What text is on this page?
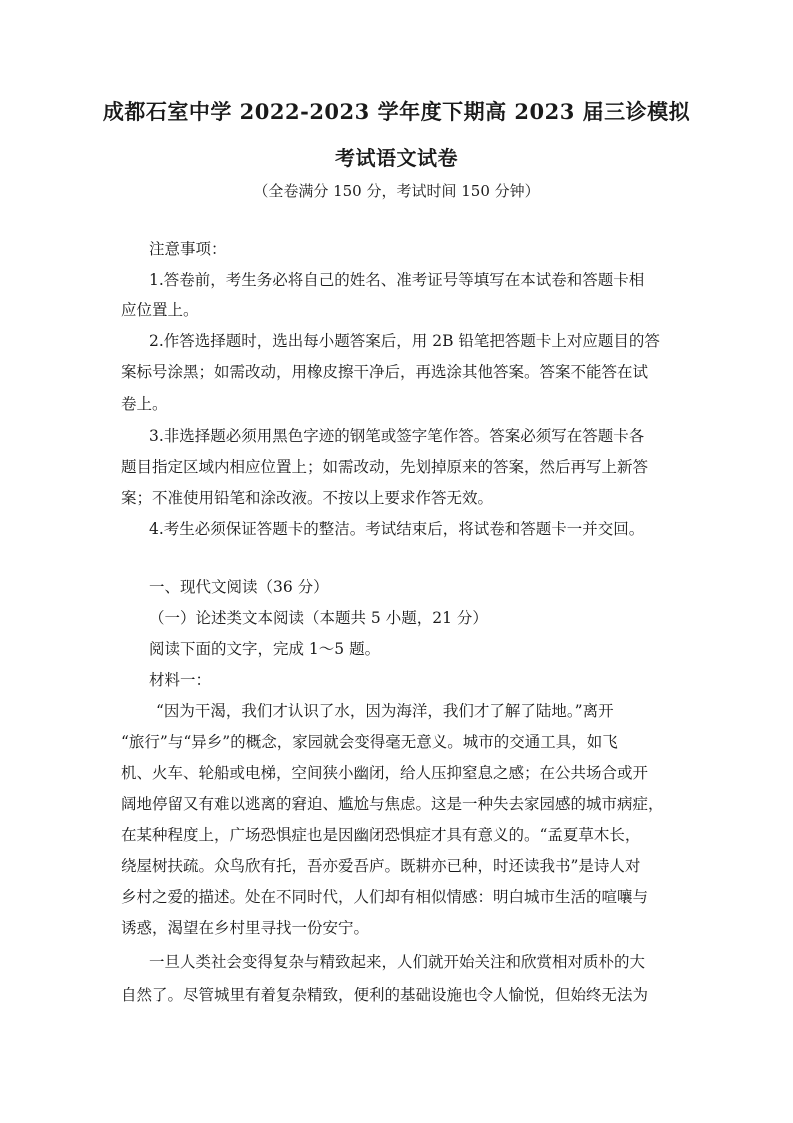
成都石室中学 2022-2023 学年度下期高 2023 届三诊模拟
考试语文试卷
（全卷满分 150 分，考试时间 150 分钟）
注意事项：
1.答卷前，考生务必将自己的姓名、准考证号等填写在本试卷和答题卡相
应位置上。
2.作答选择题时，选出每小题答案后，用 2B 铅笔把答题卡上对应题目的答
案标号涂黑；如需改动，用橡皮擦干净后，再选涂其他答案。答案不能答在试
卷上。
3.非选择题必须用黑色字迹的钢笔或签字笔作答。答案必须写在答题卡各
题目指定区域内相应位置上；如需改动，先划掉原来的答案，然后再写上新答
案；不准使用铅笔和涂改液。不按以上要求作答无效。
4.考生必须保证答题卡的整洁。考试结束后，将试卷和答题卡一并交回。
一、现代文阅读（36 分）
（一）论述类文本阅读（本题共 5 小题，21 分）
阅读下面的文字，完成 1～5 题。
材料一：
“因为干渴，我们才认识了水，因为海洋，我们才了解了陆地。”离开
“旅行”与“异乡”的概念，家园就会变得毫无意义。城市的交通工具，如飞
机、火车、轮船或电梯，空间狭小幽闭，给人压抑窒息之感；在公共场合或开
阔地停留又有难以逃离的窘迫、尴尬与焦虑。这是一种失去家园感的城市病症，
在某种程度上，广场恐惧症也是因幽闭恐惧症才具有意义的。“孟夏草木长，
绕屋树扶疏。众鸟欣有托，吾亦爱吾庐。既耕亦已种，时还读我书”是诗人对
乡村之爱的描述。处在不同时代，人们却有相似情感：明白城市生活的喧嚷与
诱惑，渴望在乡村里寻找一份安宁。
一旦人类社会变得复杂与精致起来，人们就开始关注和欣赏相对质朴的大
自然了。尽管城里有着复杂精致，便利的基础设施也令人愉悦，但始终无法为
